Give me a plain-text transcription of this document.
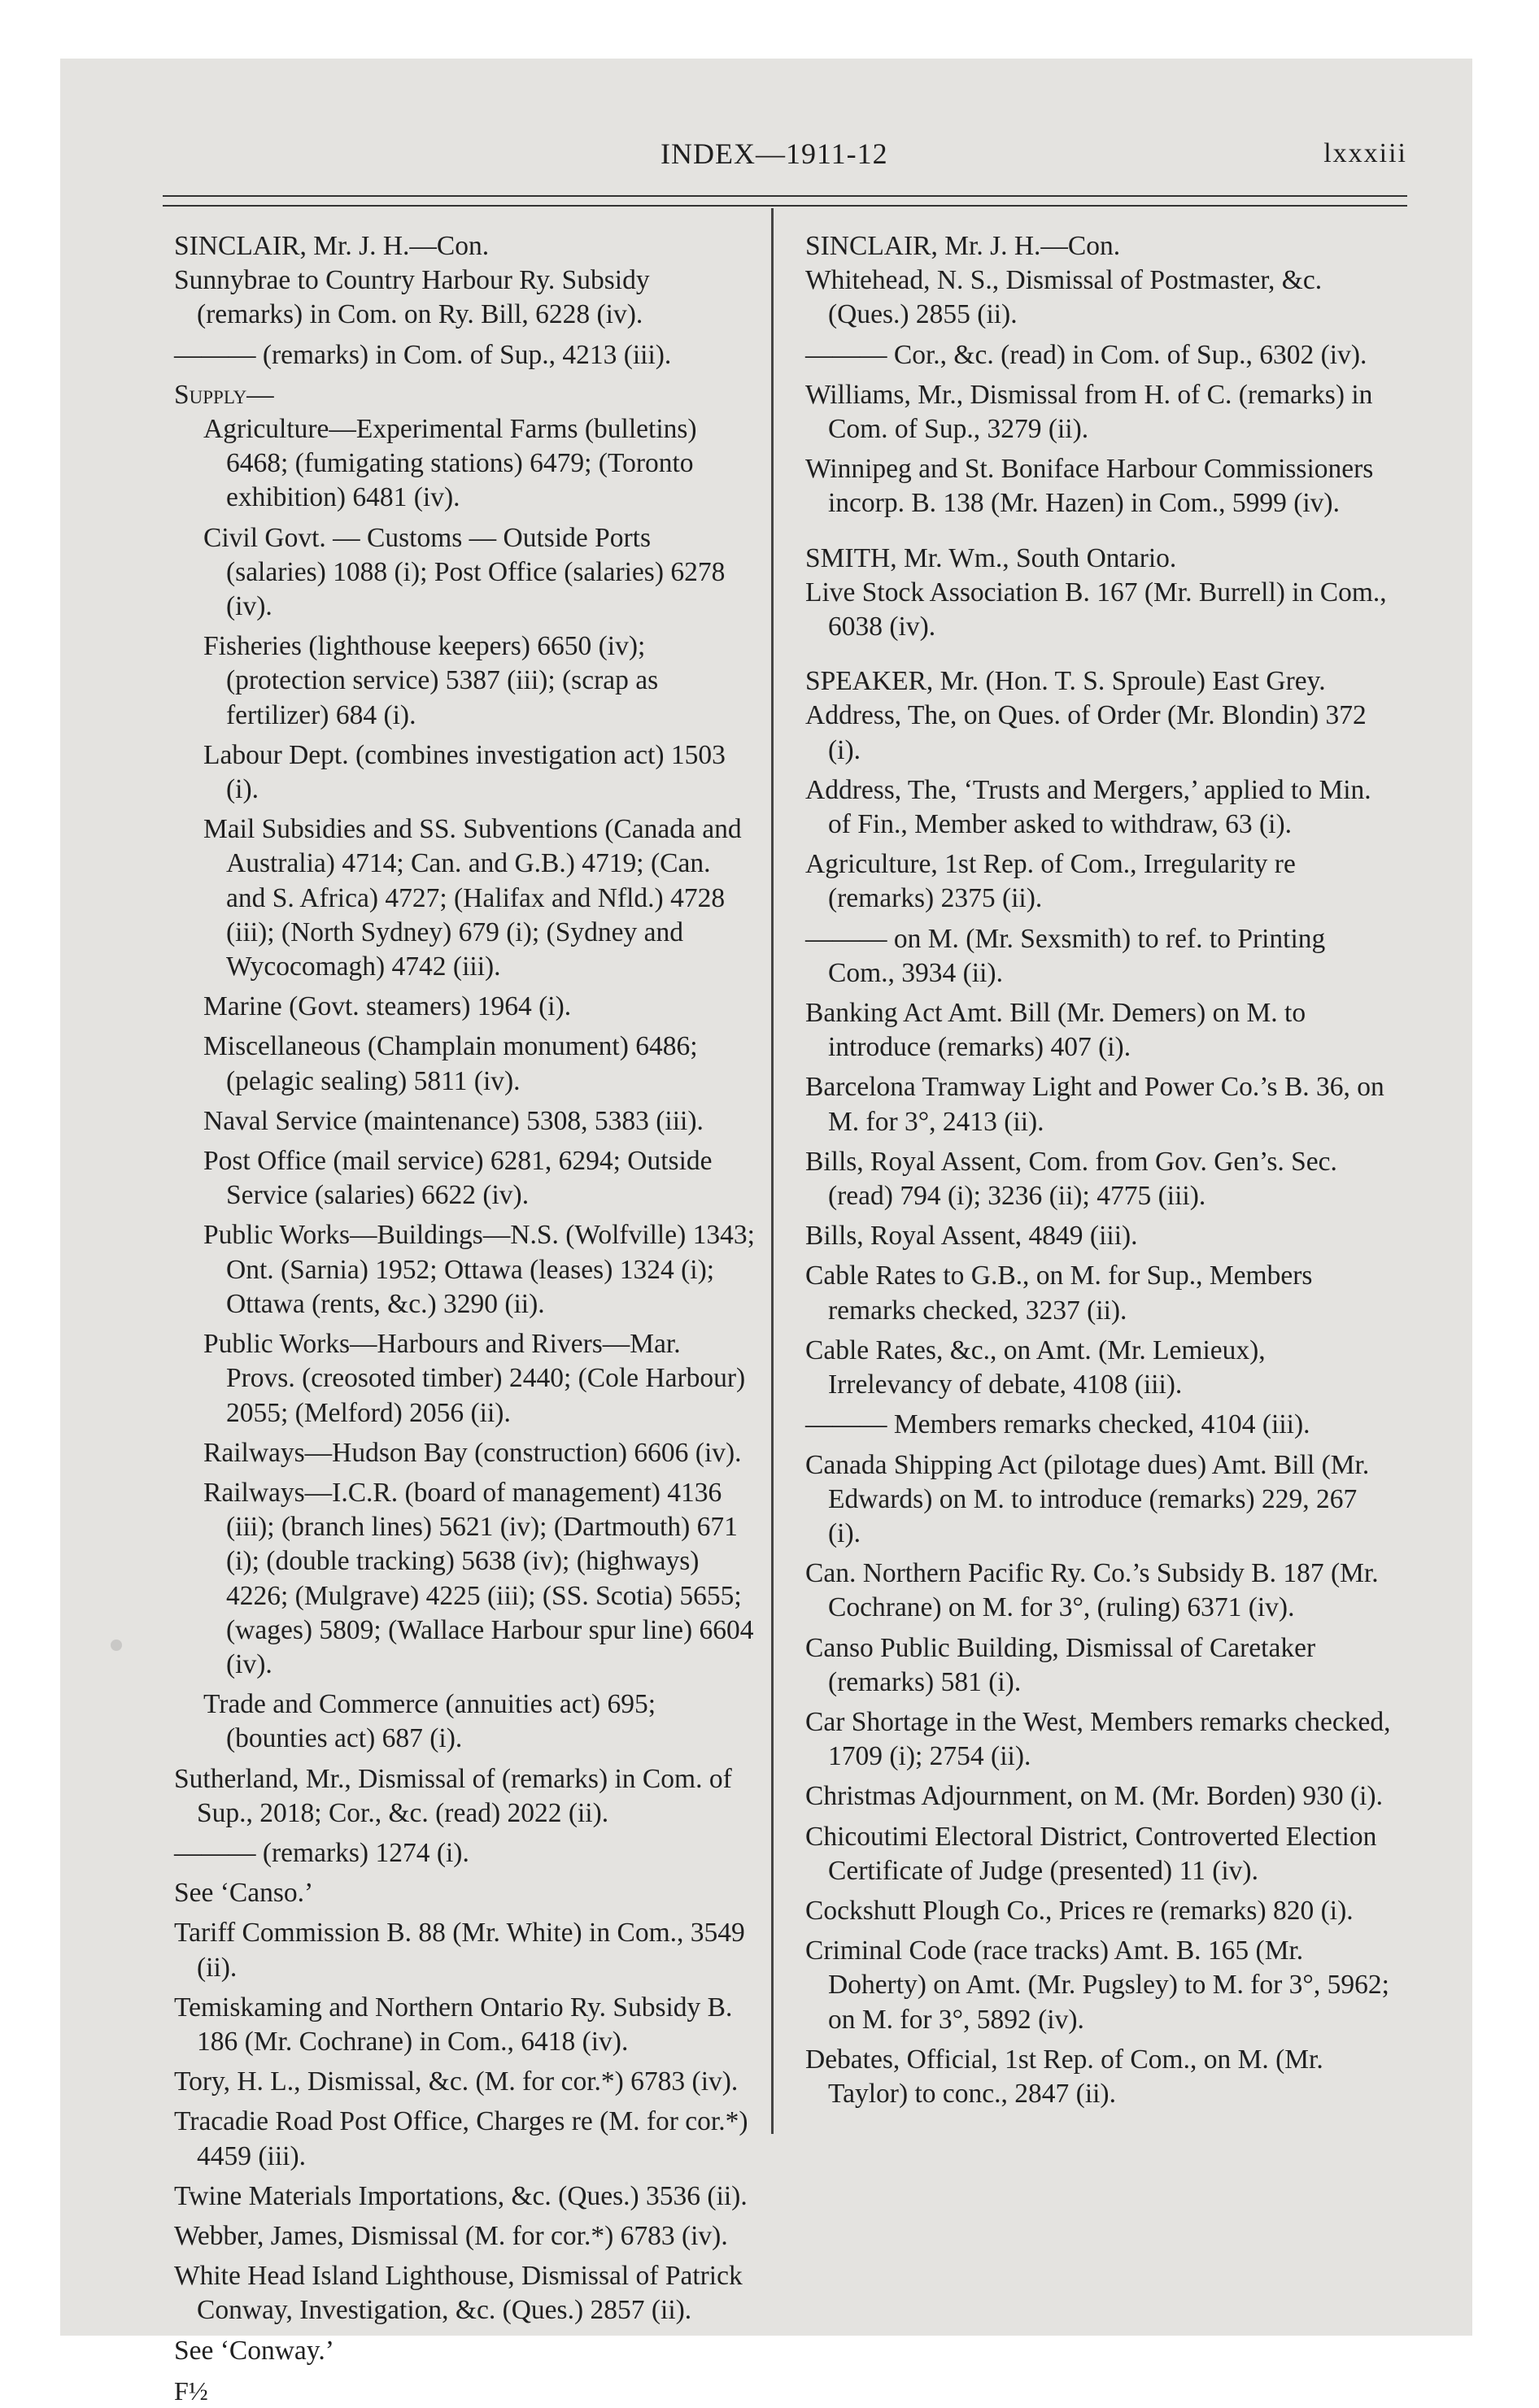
INDEX—1911-12	lxxxiii

SINCLAIR, Mr. J. H.—Con.

Sunnybrae to Country Harbour Ry. Subsidy (remarks) in Com. on Ry. Bill, 6228 (iv).

——— (remarks) in Com. of Sup., 4213 (iii).

Supply—

Agriculture—Experimental Farms (bulletins) 6468; (fumigating stations) 6479; (Toronto exhibition) 6481 (iv).

Civil Govt. — Customs — Outside Ports (salaries) 1088 (i); Post Office (salaries) 6278 (iv).

Fisheries (lighthouse keepers) 6650 (iv); (protection service) 5387 (iii); (scrap as fertilizer) 684 (i).

Labour Dept. (combines investigation act) 1503 (i).

Mail Subsidies and SS. Subventions (Canada and Australia) 4714; Can. and G.B.) 4719; (Can. and S. Africa) 4727; (Halifax and Nfld.) 4728 (iii); (North Sydney) 679 (i); (Sydney and Wycocomagh) 4742 (iii).

Marine (Govt. steamers) 1964 (i).

Miscellaneous (Champlain monument) 6486; (pelagic sealing) 5811 (iv).

Naval Service (maintenance) 5308, 5383 (iii).

Post Office (mail service) 6281, 6294; Outside Service (salaries) 6622 (iv).

Public Works—Buildings—N.S. (Wolfville) 1343; Ont. (Sarnia) 1952; Ottawa (leases) 1324 (i); Ottawa (rents, &c.) 3290 (ii).

Public Works—Harbours and Rivers—Mar. Provs. (creosoted timber) 2440; (Cole Harbour) 2055; (Melford) 2056 (ii).

Railways—Hudson Bay (construction) 6606 (iv).

Railways—I.C.R. (board of management) 4136 (iii); (branch lines) 5621 (iv); (Dartmouth) 671 (i); (double tracking) 5638 (iv); (highways) 4226; (Mulgrave) 4225 (iii); (SS. Scotia) 5655; (wages) 5809; (Wallace Harbour spur line) 6604 (iv).

Trade and Commerce (annuities act) 695; (bounties act) 687 (i).

Sutherland, Mr., Dismissal of (remarks) in Com. of Sup., 2018; Cor., &c. (read) 2022 (ii).

——— (remarks) 1274 (i).

See ‘Canso.’

Tariff Commission B. 88 (Mr. White) in Com., 3549 (ii).

Temiskaming and Northern Ontario Ry. Subsidy B. 186 (Mr. Cochrane) in Com., 6418 (iv).

Tory, H. L., Dismissal, &c. (M. for cor.*) 6783 (iv).

Tracadie Road Post Office, Charges re (M. for cor.*) 4459 (iii).

Twine Materials Importations, &c. (Ques.) 3536 (ii).

Webber, James, Dismissal (M. for cor.*) 6783 (iv).

White Head Island Lighthouse, Dismissal of Patrick Conway, Investigation, &c. (Ques.) 2857 (ii).

See ‘Conway.’

F½

SINCLAIR, Mr. J. H.—Con.

Whitehead, N. S., Dismissal of Postmaster, &c. (Ques.) 2855 (ii).

——— Cor., &c. (read) in Com. of Sup., 6302 (iv).

Williams, Mr., Dismissal from H. of C. (remarks) in Com. of Sup., 3279 (ii).

Winnipeg and St. Boniface Harbour Commissioners incorp. B. 138 (Mr. Hazen) in Com., 5999 (iv).

SMITH, Mr. Wm., South Ontario.

Live Stock Association B. 167 (Mr. Burrell) in Com., 6038 (iv).

SPEAKER, Mr. (Hon. T. S. Sproule) East Grey.

Address, The, on Ques. of Order (Mr. Blondin) 372 (i).

Address, The, ‘Trusts and Mergers,’ applied to Min. of Fin., Member asked to withdraw, 63 (i).

Agriculture, 1st Rep. of Com., Irregularity re (remarks) 2375 (ii).

——— on M. (Mr. Sexsmith) to ref. to Printing Com., 3934 (ii).

Banking Act Amt. Bill (Mr. Demers) on M. to introduce (remarks) 407 (i).

Barcelona Tramway Light and Power Co.’s B. 36, on M. for 3°, 2413 (ii).

Bills, Royal Assent, Com. from Gov. Gen’s. Sec. (read) 794 (i); 3236 (ii); 4775 (iii).

Bills, Royal Assent, 4849 (iii).

Cable Rates to G.B., on M. for Sup., Members remarks checked, 3237 (ii).

Cable Rates, &c., on Amt. (Mr. Lemieux), Irrelevancy of debate, 4108 (iii).

——— Members remarks checked, 4104 (iii).

Canada Shipping Act (pilotage dues) Amt. Bill (Mr. Edwards) on M. to introduce (remarks) 229, 267 (i).

Can. Northern Pacific Ry. Co.’s Subsidy B. 187 (Mr. Cochrane) on M. for 3°, (ruling) 6371 (iv).

Canso Public Building, Dismissal of Caretaker (remarks) 581 (i).

Car Shortage in the West, Members remarks checked, 1709 (i); 2754 (ii).

Christmas Adjournment, on M. (Mr. Borden) 930 (i).

Chicoutimi Electoral District, Controverted Election Certificate of Judge (presented) 11 (iv).

Cockshutt Plough Co., Prices re (remarks) 820 (i).

Criminal Code (race tracks) Amt. B. 165 (Mr. Doherty) on Amt. (Mr. Pugsley) to M. for 3°, 5962; on M. for 3°, 5892 (iv).

Debates, Official, 1st Rep. of Com., on M. (Mr. Taylor) to conc., 2847 (ii).
